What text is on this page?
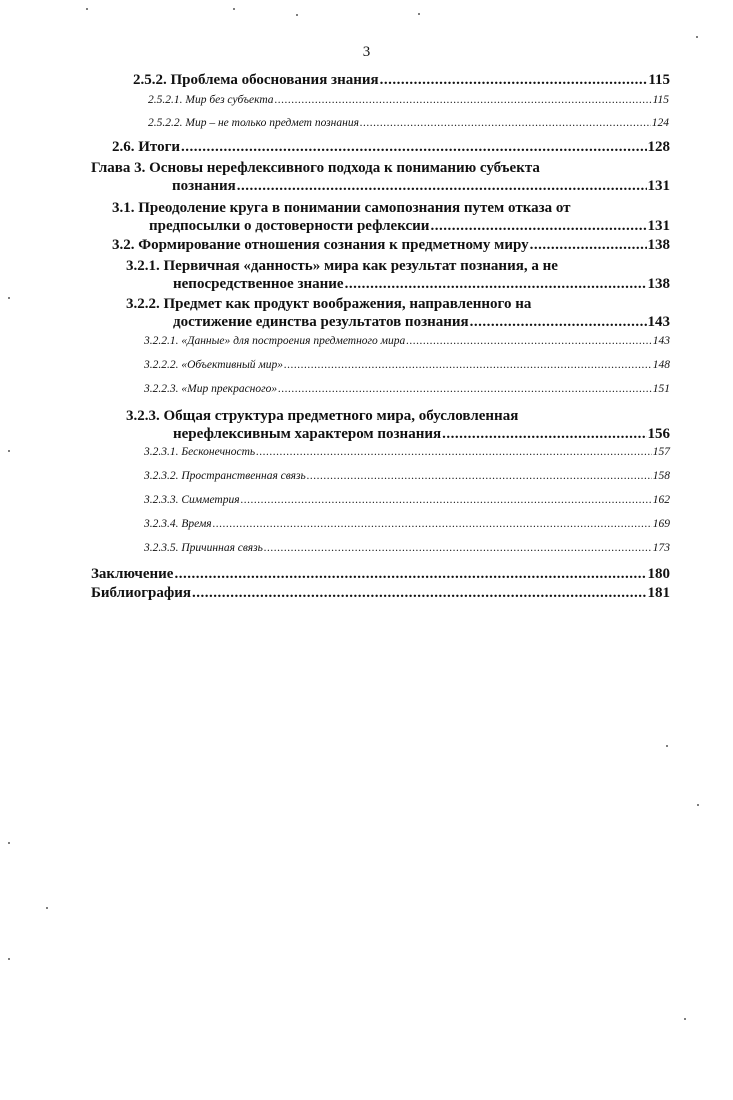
3
2.5.2. Проблема обоснования знания .....	115
2.5.2.1. Мир без субъекта .....	115
2.5.2.2. Мир – не только предмет познания .....	124
2.6. Итоги .....	128
Глава 3. Основы нерефлексивного подхода к пониманию субъекта
познания .....	131
3.1. Преодоление круга в понимании самопознания путем отказа от
предпосылки о достоверности рефлексии .....	131
3.2. Формирование отношения сознания к предметному миру .....	138
3.2.1. Первичная «данность» мира как результат познания, а не
непосредственное знание .....	138
3.2.2. Предмет как продукт воображения, направленного на
достижение единства результатов познания .....	143
3.2.2.1. «Данные» для построения предметного мира .....	143
3.2.2.2. «Объективный мир» .....	148
3.2.2.3. «Мир прекрасного» .....	151
3.2.3. Общая структура предметного мира, обусловленная
нерефлексивным характером познания .....	156
3.2.3.1. Бесконечность .....	157
3.2.3.2. Пространственная связь .....	158
3.2.3.3. Симметрия .....	162
3.2.3.4. Время .....	169
3.2.3.5. Причинная связь .....	173
Заключение .....	180
Библиография .....	181
